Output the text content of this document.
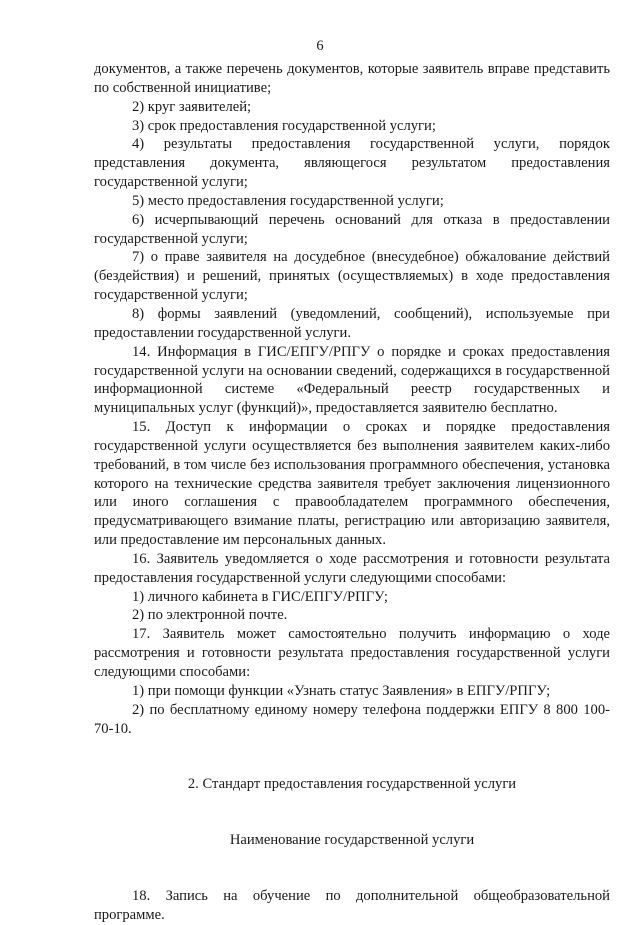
6

документов, а также перечень документов, которые заявитель вправе представить по собственной инициативе;

2) круг заявителей;

3) срок предоставления государственной услуги;

4) результаты предоставления государственной услуги, порядок представления документа, являющегося результатом предоставления государственной услуги;

5) место предоставления государственной услуги;

6) исчерпывающий перечень оснований для отказа в предоставлении государственной услуги;

7) о праве заявителя на досудебное (внесудебное) обжалование действий (бездействия) и решений, принятых (осуществляемых) в ходе предоставления государственной услуги;

8) формы заявлений (уведомлений, сообщений), используемые при предоставлении государственной услуги.

14. Информация в ГИС/ЕПГУ/РПГУ о порядке и сроках предоставления государственной услуги на основании сведений, содержащихся в государственной информационной системе «Федеральный реестр государственных и муниципальных услуг (функций)», предоставляется заявителю бесплатно.

15. Доступ к информации о сроках и порядке предоставления государственной услуги осуществляется без выполнения заявителем каких-либо требований, в том числе без использования программного обеспечения, установка которого на технические средства заявителя требует заключения лицензионного или иного соглашения с правообладателем программного обеспечения, предусматривающего взимание платы, регистрацию или авторизацию заявителя, или предоставление им персональных данных.

16. Заявитель уведомляется о ходе рассмотрения и готовности результата предоставления государственной услуги следующими способами:

1) личного кабинета в ГИС/ЕПГУ/РПГУ;

2) по электронной почте.

17. Заявитель может самостоятельно получить информацию о ходе рассмотрения и готовности результата предоставления государственной услуги следующими способами:

1) при помощи функции «Узнать статус Заявления» в ЕПГУ/РПГУ;

2) по бесплатному единому номеру телефона поддержки ЕПГУ 8 800 100-70-10.

2. Стандарт предоставления государственной услуги

Наименование государственной услуги

18. Запись на обучение по дополнительной общеобразовательной программе.
